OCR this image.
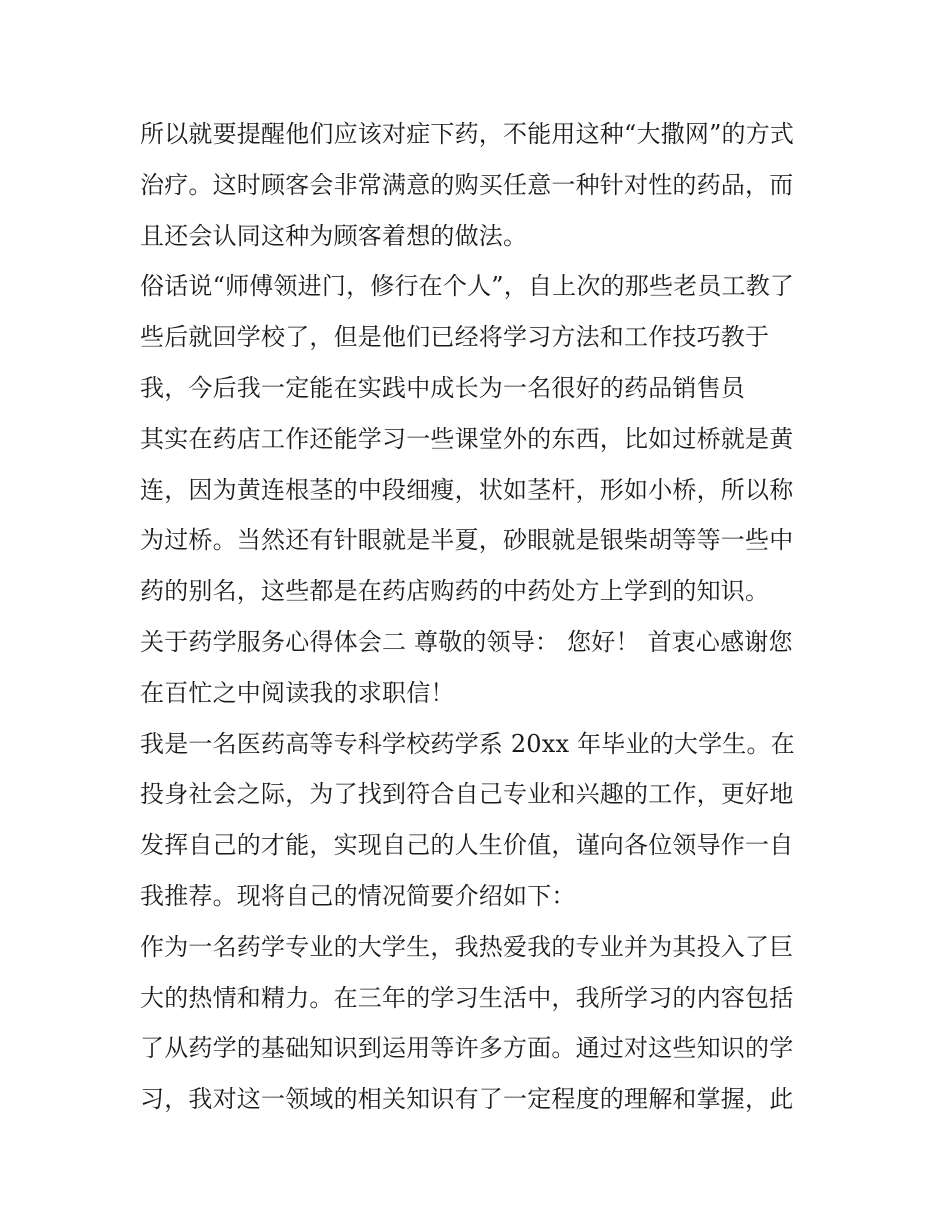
所以就要提醒他们应该对症下药，不能用这种“大撒网”的方式
治疗。这时顾客会非常满意的购买任意一种针对性的药品，而
且还会认同这种为顾客着想的做法。
俗话说“师傅领进门，修行在个人”，自上次的那些老员工教了
些后就回学校了，但是他们已经将学习方法和工作技巧教于
我，今后我一定能在实践中成长为一名很好的药品销售员
其实在药店工作还能学习一些课堂外的东西，比如过桥就是黄
连，因为黄连根茎的中段细瘦，状如茎杆，形如小桥，所以称
为过桥。当然还有针眼就是半夏，砂眼就是银柴胡等等一些中
药的别名，这些都是在药店购药的中药处方上学到的知识。
关于药学服务心得体会二 尊敬的领导： 您好！ 首衷心感谢您
在百忙之中阅读我的求职信！
我是一名医药高等专科学校药学系 20xx 年毕业的大学生。在
投身社会之际，为了找到符合自己专业和兴趣的工作，更好地
发挥自己的才能，实现自己的人生价值，谨向各位领导作一自
我推荐。现将自己的情况简要介绍如下：
作为一名药学专业的大学生，我热爱我的专业并为其投入了巨
大的热情和精力。在三年的学习生活中，我所学习的内容包括
了从药学的基础知识到运用等许多方面。通过对这些知识的学
习，我对这一领域的相关知识有了一定程度的理解和掌握，此
